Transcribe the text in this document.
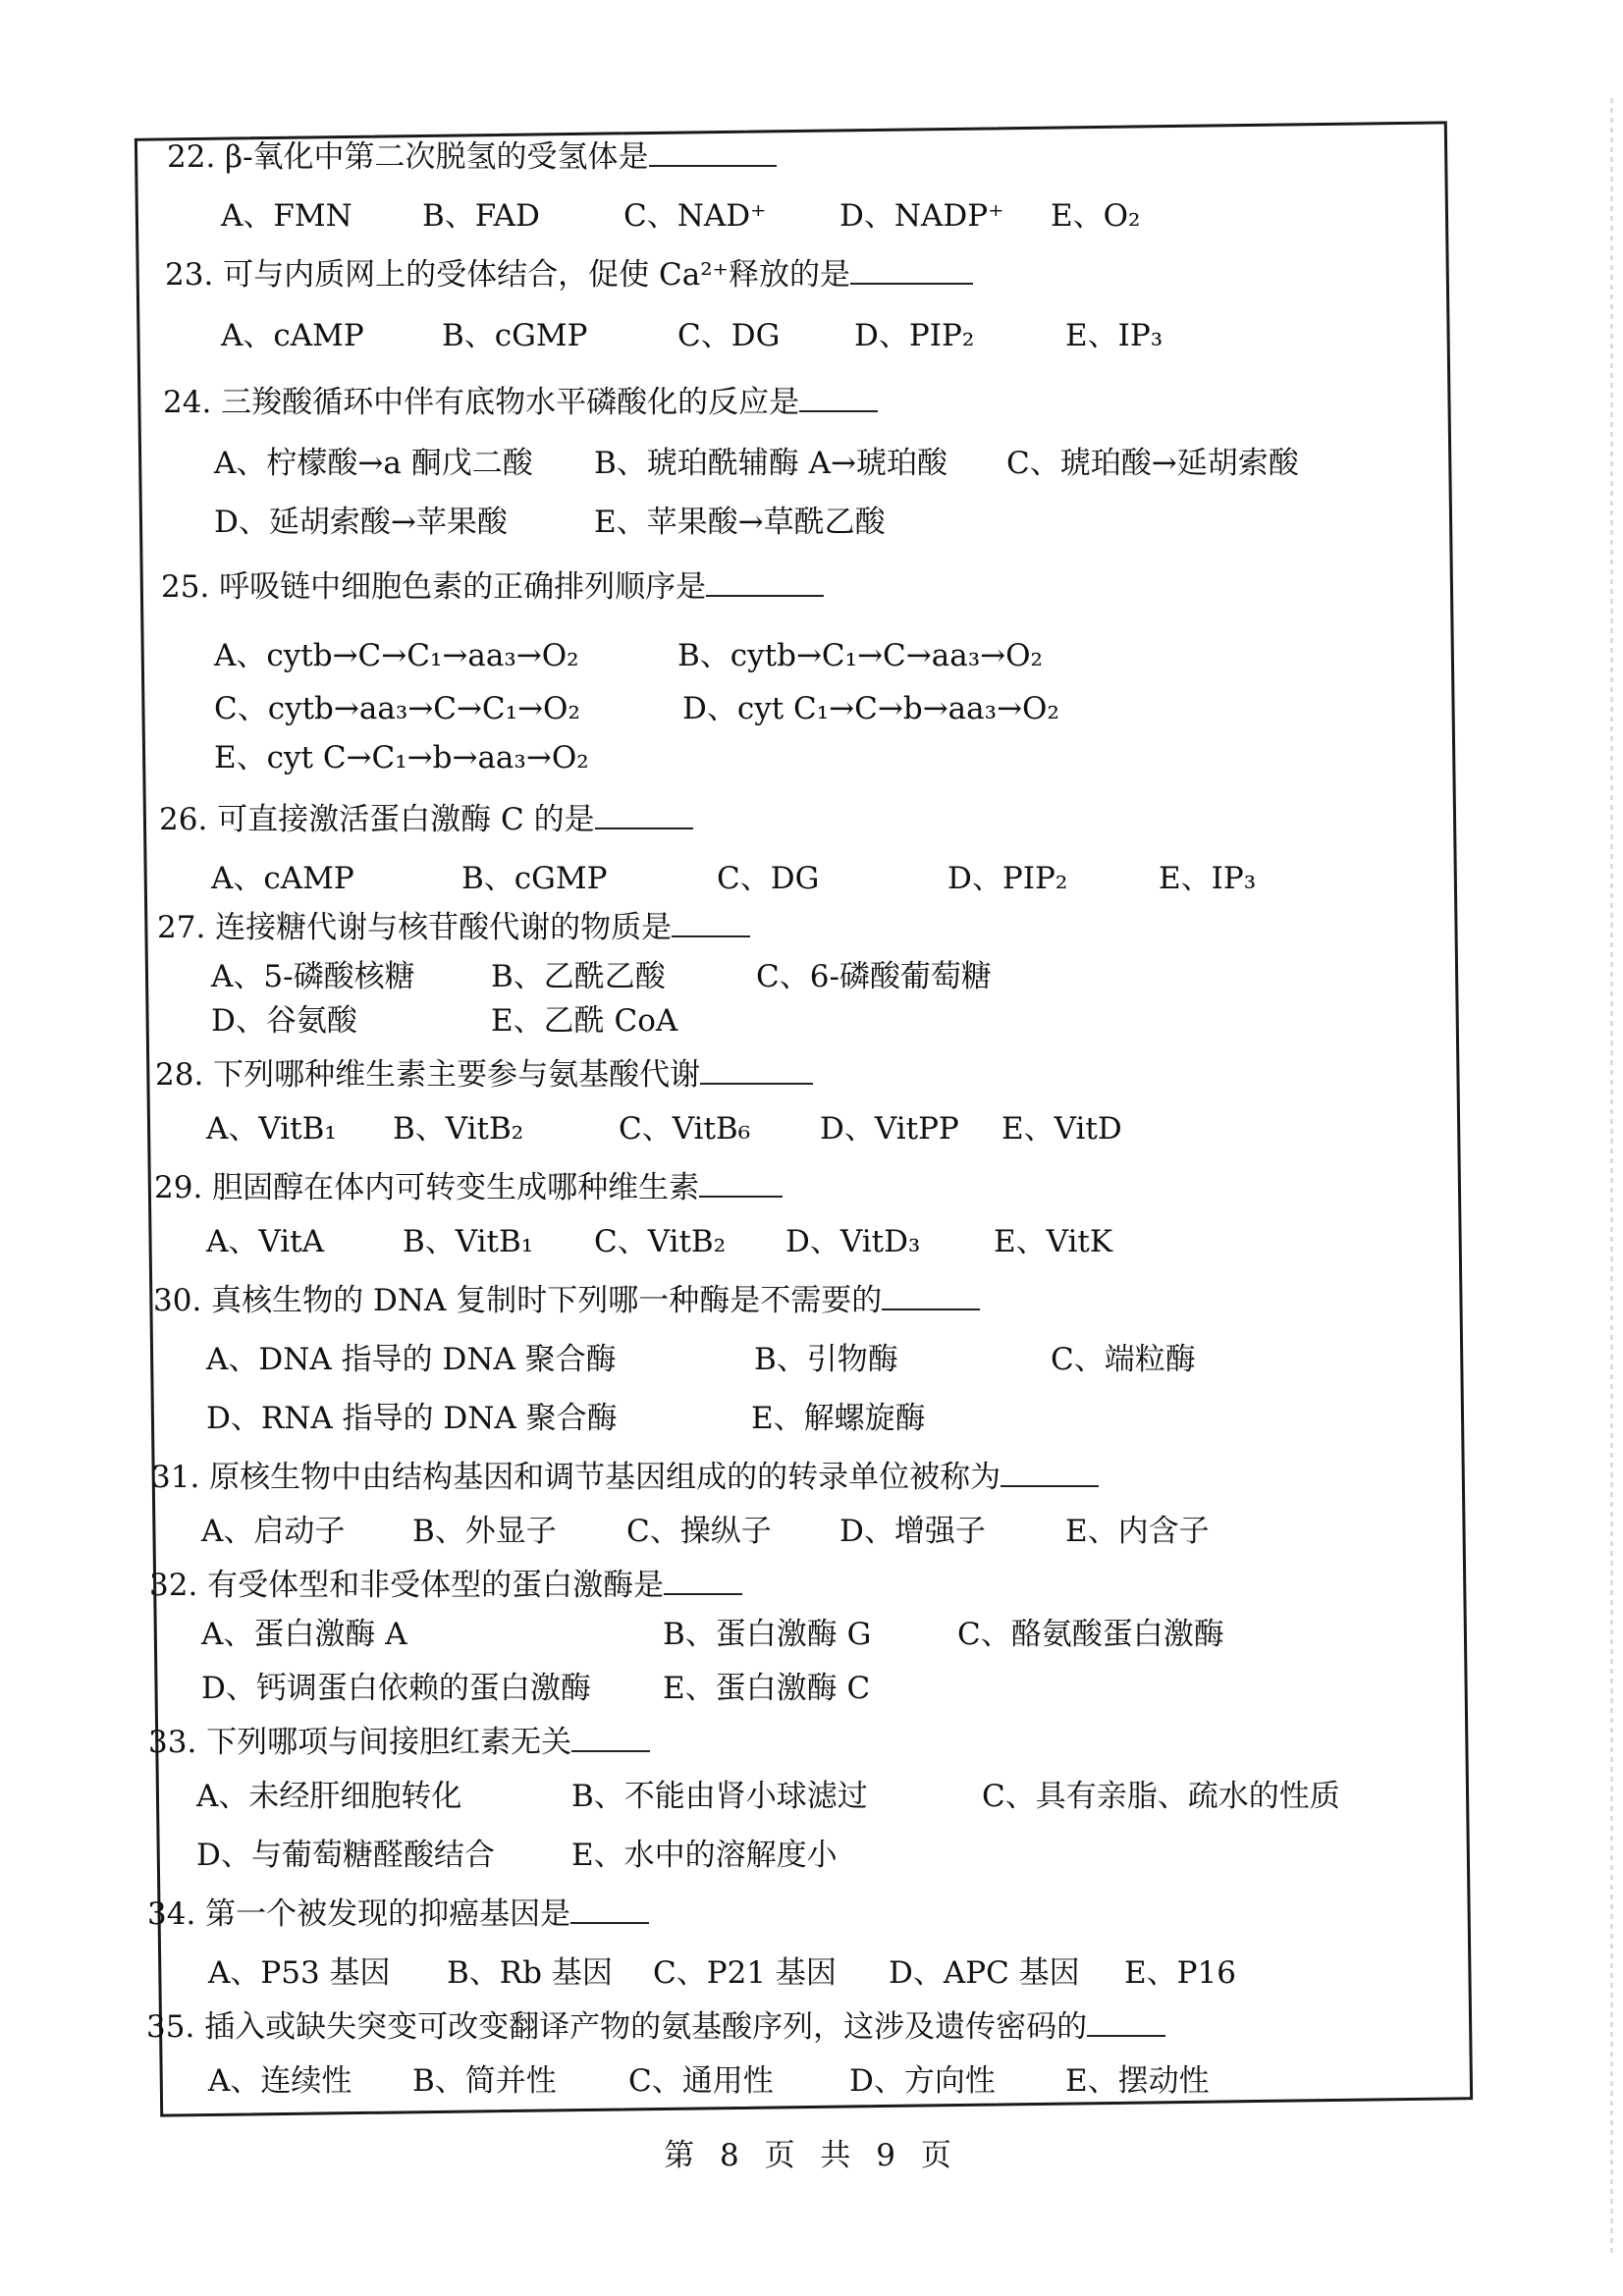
22. β-氧化中第二次脱氢的受氢体是
A、FMN B、FAD	C、NAD⁺ D、NADP⁺ E、O₂
23. 可与内质网上的受体结合，促使 Ca²⁺释放的是
A、cAMP	B、cGMP	C、DG D、PIP₂	E、IP₃
24. 三羧酸循环中伴有底物水平磷酸化的反应是
A、柠檬酸→a 酮戊二酸 B、琥珀酰辅酶 A→琥珀酸 C、琥珀酸→延胡索酸
D、延胡索酸→苹果酸	E、苹果酸→草酰乙酸
25. 呼吸链中细胞色素的正确排列顺序是
A、cytb→C→C₁→aa₃→O₂	B、cytb→C₁→C→aa₃→O₂
C、cytb→aa₃→C→C₁→O₂	D、cyt C₁→C→b→aa₃→O₂
E、cyt C→C₁→b→aa₃→O₂
26. 可直接激活蛋白激酶 C 的是
A、cAMP	B、cGMP	C、DG	D、PIP₂	E、IP₃
27. 连接糖代谢与核苷酸代谢的物质是
A、5-磷酸核糖 B、乙酰乙酸	C、6-磷酸葡萄糖
D、谷氨酸	E、乙酰 CoA
28. 下列哪种维生素主要参与氨基酸代谢
A、VitB₁ B、VitB₂	C、VitB₆ D、VitPP E、VitD
29. 胆固醇在体内可转变生成哪种维生素
A、VitA	B、VitB₁ C、VitB₂ D、VitD₃ E、VitK
30. 真核生物的 DNA 复制时下列哪一种酶是不需要的
A、DNA 指导的 DNA 聚合酶	B、引物酶	C、端粒酶
D、RNA 指导的 DNA 聚合酶	E、解螺旋酶
31. 原核生物中由结构基因和调节基因组成的的转录单位被称为
A、启动子 B、外显子 C、操纵子 D、增强子	E、内含子
32. 有受体型和非受体型的蛋白激酶是
A、蛋白激酶 A	B、蛋白激酶 G	C、酪氨酸蛋白激酶
D、钙调蛋白依赖的蛋白激酶 E、蛋白激酶 C
33. 下列哪项与间接胆红素无关
A、未经肝细胞转化	B、不能由肾小球滤过	C、具有亲脂、疏水的性质
D、与葡萄糖醛酸结合	E、水中的溶解度小
34. 第一个被发现的抑癌基因是
A、P53 基因 B、Rb 基因 C、P21 基因 D、APC 基因 E、P16
35. 插入或缺失突变可改变翻译产物的氨基酸序列，这涉及遗传密码的
A、连续性 B、简并性 C、通用性 D、方向性 E、摆动性
第 8 页 共 9 页
